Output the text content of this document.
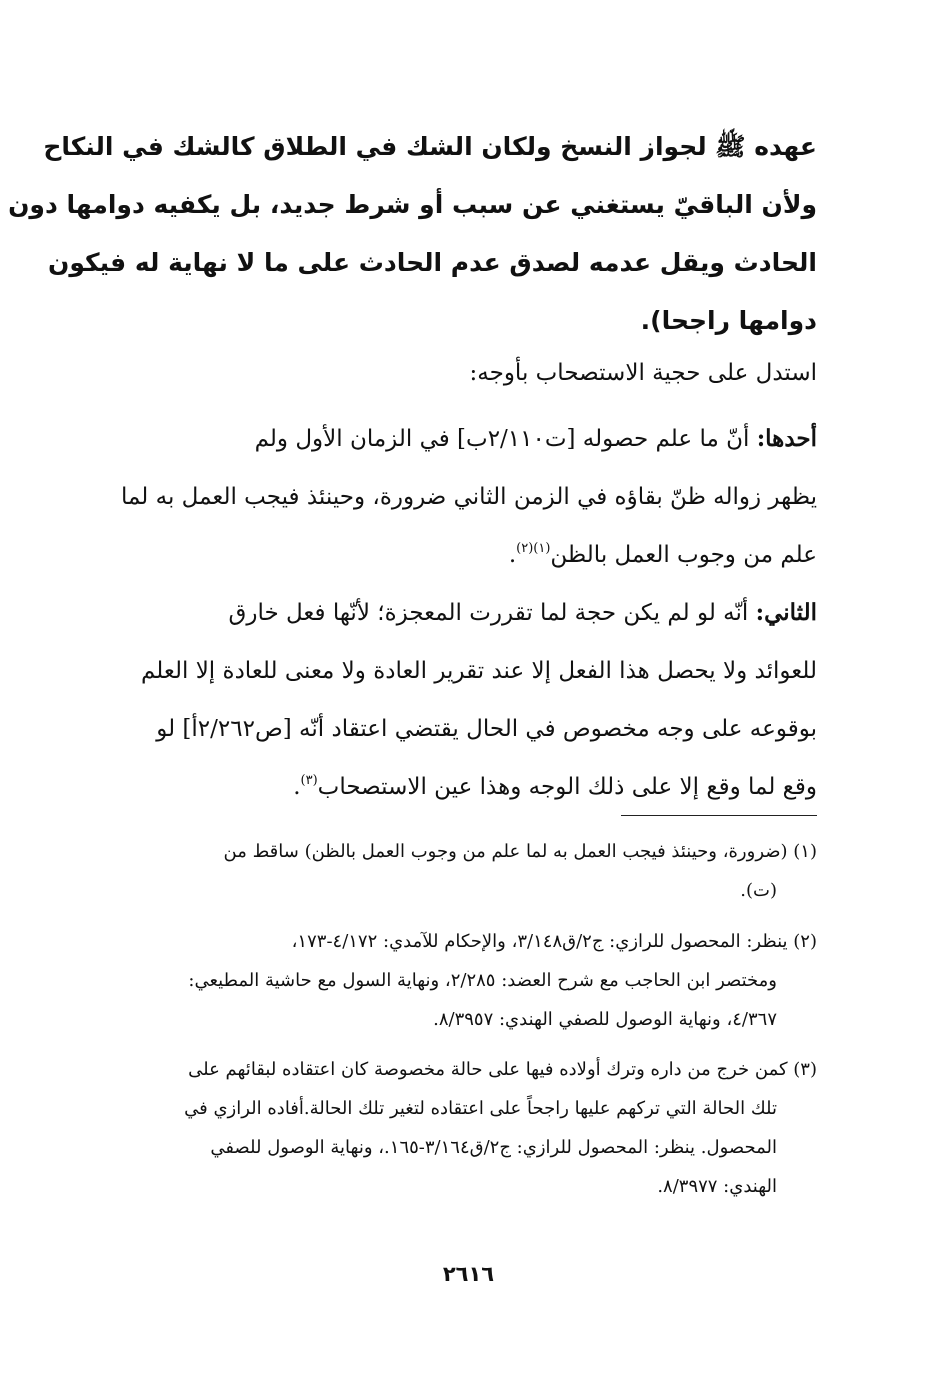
عهده ﷺ لجواز النسخ ولكان الشك في الطلاق كالشك في النكاح
ولأن الباقيّ يستغني عن سبب أو شرط جديد، بل يكفيه دوامها دون
الحادث ويقل عدمه لصدق عدم الحادث على ما لا نهاية له فيكون
دوامها راجحا).
استدل على حجية الاستصحاب بأوجه:
أحدها: أنّ ما علم حصوله [ت٢/١١٠ب] في الزمان الأول ولم
يظهر زواله ظنّ بقاؤه في الزمن الثاني ضرورة، وحينئذ فيجب العمل به لما
علم من وجوب العمل بالظن$^{(١)(٢)}$.
الثاني: أنّه لو لم يكن حجة لما تقررت المعجزة؛ لأنّها فعل خارق
للعوائد ولا يحصل هذا الفعل إلا عند تقرير العادة ولا معنى للعادة إلا العلم
بوقوعه على وجه مخصوص في الحال يقتضي اعتقاد أنّه [ص٢/٢٦٢أ] لو
وقع لما وقع إلا على ذلك الوجه وهذا عين الاستصحاب$^{(٣)}$.
(١) (ضرورة، وحينئذ فيجب العمل به لما علم من وجوب العمل بالظن) ساقط من
(ت).
(٢) ينظر: المحصول للرازي: ج٢/ق٣/١٤٨، والإحكام للآمدي: ٤/١٧٢-١٧٣،
ومختصر ابن الحاجب مع شرح العضد: ٢/٢٨٥، ونهاية السول مع حاشية المطيعي:
٤/٣٦٧، ونهاية الوصول للصفي الهندي: ٨/٣٩٥٧.
(٣) كمن خرج من داره وترك أولاده فيها على حالة مخصوصة كان اعتقاده لبقائهم على
تلك الحالة التي تركهم عليها راجحاً على اعتقاده لتغير تلك الحالة.أفاده الرازي في
المحصول. ينظر: المحصول للرازي: ج٢/ق٣/١٦٤-١٦٥.، ونهاية الوصول للصفي
الهندي: ٨/٣٩٧٧.
٢٦١٦
